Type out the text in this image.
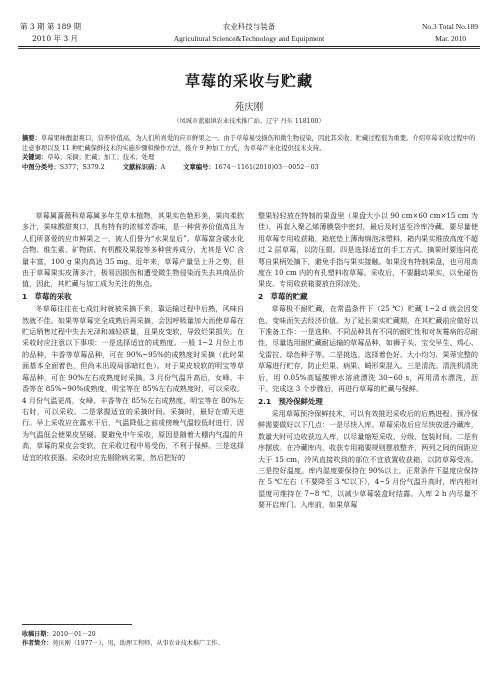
第 3 期 第 189 期	农业科技与装备	No.3 Total No.189
2010 年 3 月	Agricultural Science&Technology and Equipment	Mar. 2010
草莓的采收与贮藏
苑庆刚
（凤城市蓝旗镇农业技术推广站，辽宁 丹东 118100）
摘要：草莓果味酸甜爽口，营养价值高，为人们所喜爱的应市鲜果之一。由于草莓易受损伤和微生物侵染，因此其采收、贮藏过程很为重要。介绍草莓采收过程中的注意事项以及 11 种贮藏保鲜技术的实施步骤和操作方法，推介 9 种加工方式，为草莓产业化提供技术支持。
关键词：草莓；采摘；贮藏；加工；技术；处理
中图分类号：S377；S379.2	文献标识码：A	文章编号：1674－1161(2010)03－0052－03

草莓属蔷薇科草莓属多年生草本植物，其果实色艳形美，果肉柔软多汁，果味酸甜爽口，具有特有的浓郁芳香味，是一种营养价值高且为人们所喜爱的应市鲜果之一，被人们誉为“水果皇后”。草莓富含碳水化合物、维生素、矿物质、有机酸及果胶等多种营养成分，尤其是 VC 含量丰富，100 g 果肉高达 35 mg。近年来，草莓产量呈上升之势，但由于草莓果实皮薄多汁，极易因损伤和遭受微生物侵染而失去其商品价值，因此，其贮藏与加工成为关注的焦点。

1　草莓的采收

冬草莓往往在七成红时就被采摘下来，靠运输过程中后熟，风味自然就不佳。如果等草莓完全成熟后再采摘，会因呼吸量加大而使草莓在贮运销售过程中失去光泽和减轻质量，且果皮变软，导致烂果损失。在采收时应注意以下事项：一是选择适宜的成熟度。一般 1~2 月份上市的品种，丰香等草莓品种，可在 90%~95%的成熟度时采摘（此时果面基本全面着色，但尚未出现局部暗红色）。对于果皮较软的明宝等草莓品种，可在 90%左右成熟度时采摘。3 月份气温升高后，女峰、丰香等在 85%~90%成熟度，明宝等在 85%左右成熟度时，可以采收。4 月份气温更高，女峰、丰香等在 85%左右成熟度，明宝等在 80%左右时，可以采收。二是掌握适宜的采摘时间。采摘时，最好在晴天进行。早上采收应在露水干后，气温降低之前或傍晚气温较低时进行，因为气温低会使果皮坚硬。要避免中午采收，原因是随着大棚内气温的升高，草莓的果皮会变软，在采收过程中易受伤，不利于保鲜。三是选择适宜的收获器。采收时应先剔除病劣果，然后把好的

收稿日期：2010－01－20
作者简介：苑庆刚（1977－），男，助理工程师，从事农业技术推广工作。

整果轻轻放在特制的果盘里（果盘大小以 90 cm×60 cm×15 cm 为佳），再套入聚乙烯薄膜袋中密封，最后及时送至冷库冷藏。要尽量使用草莓专用收获箱，箱底垫上薄海绵泡沫塑料，箱内果实堆放高度不超过 2 层草莓，以防压损。四是选择适宜的手工方式。摘果时要连同花萼自果柄处摘下，避免手指与果实接触。如果没有特制果盘，也可用高度在 10 cm 内的有孔塑料收草莓。采收后，不要翻动果实，以免碰伤果皮。专用收获箱要放在阴凉处。

2　草莓的贮藏

草莓极不耐贮藏，在常温条件下（25 ℃）贮藏 1~2 d 就会因变色、变味而失去经济价值。为了延长果实贮藏期，在其贮藏前应做好以下准备工作：一是选种。不同品种具有不同的耐贮性和对灰霉病的忍耐性，尽量选用耐贮藏耐运输的草莓品种，如狮子头、宝交早生、鸡心、戈雷拉、绿色种子等。二是挑选。选择着色好、大小均匀、果蒂完整的草莓进行贮存，防止烂果、病果、畸形果混入。三是清洗。清洗机清洗后，用 0.05%高锰酸钾水溶液漂洗 30~60 s，再用清水漂洗，沥干。完成这 3 个步骤后，再进行草莓的贮藏与保鲜。

2.1　预冷保鲜处理

采用草莓预冷保鲜技术，可以有效推迟采收后的后熟进程。预冷保鲜需要做好以下几点：一是尽快入库。草莓采收后应尽快放进冷藏库，数量大时可边收获边入库，以尽量缩短采收、分级、包装时间。二是有序摆放。在冷藏库内，收获专用箱要规则摆放整齐，两列之间的间距应大于 15 cm，冷风直接吹到的部位不宜放置收获箱，以防草莓受冻。三是控好温度。库内湿度要保持在 90%以上，正常条件下温度应保持在 5 ℃左右（不要降至 3 ℃以下），4~5 月份气温升高时，库内相对湿度可维持在 7~8 ℃，以减少草莓装盒时结露。入库 2 h 内尽量不要开启库门。入库前，如果草莓
